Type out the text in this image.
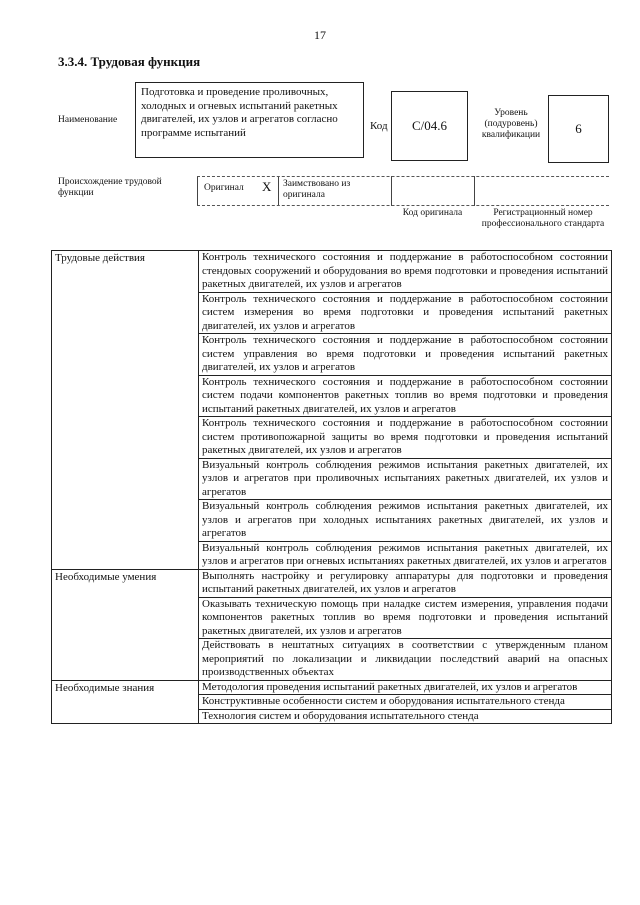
17
3.3.4. Трудовая функция
Наименование
Подготовка и проведение проливочных, холодных и огневых испытаний ракетных двигателей, их узлов и агрегатов согласно программе испытаний
Код C/04.6
Уровень (подуровень) квалификации	6
Происхождение трудовой функции	Оригинал X Заимствовано из оригинала
Код оригинала	Регистрационный номер профессионального стандарта
Трудовые действия	Контроль технического состояния и поддержание в работоспособном состоянии стендовых сооружений и оборудования во время подготовки и проведения испытаний ракетных двигателей, их узлов и агрегатов
	Контроль технического состояния и поддержание в работоспособном состоянии систем измерения во время подготовки и проведения испытаний ракетных двигателей, их узлов и агрегатов
	Контроль технического состояния и поддержание в работоспособном состоянии систем управления во время подготовки и проведения испытаний ракетных двигателей, их узлов и агрегатов
	Контроль технического состояния и поддержание в работоспособном состоянии систем подачи компонентов ракетных топлив во время подготовки и проведения испытаний ракетных двигателей, их узлов и агрегатов
	Контроль технического состояния и поддержание в работоспособном состоянии систем противопожарной защиты во время подготовки и проведения испытаний ракетных двигателей, их узлов и агрегатов
	Визуальный контроль соблюдения режимов испытания ракетных двигателей, их узлов и агрегатов при проливочных испытаниях ракетных двигателей, их узлов и агрегатов
	Визуальный контроль соблюдения режимов испытания ракетных двигателей, их узлов и агрегатов при холодных испытаниях ракетных двигателей, их узлов и агрегатов
	Визуальный контроль соблюдения режимов испытания ракетных двигателей, их узлов и агрегатов при огневых испытаниях ракетных двигателей, их узлов и агрегатов
Необходимые умения	Выполнять настройку и регулировку аппаратуры для подготовки и проведения испытаний ракетных двигателей, их узлов и агрегатов
	Оказывать техническую помощь при наладке систем измерения, управления подачи компонентов ракетных топлив во время подготовки и проведения испытаний ракетных двигателей, их узлов и агрегатов
	Действовать в нештатных ситуациях в соответствии с утвержденным планом мероприятий по локализации и ликвидации последствий аварий на опасных производственных объектах
Необходимые знания	Методология проведения испытаний ракетных двигателей, их узлов и агрегатов
	Конструктивные особенности систем и оборудования испытательного стенда
	Технология систем и оборудования испытательного стенда
